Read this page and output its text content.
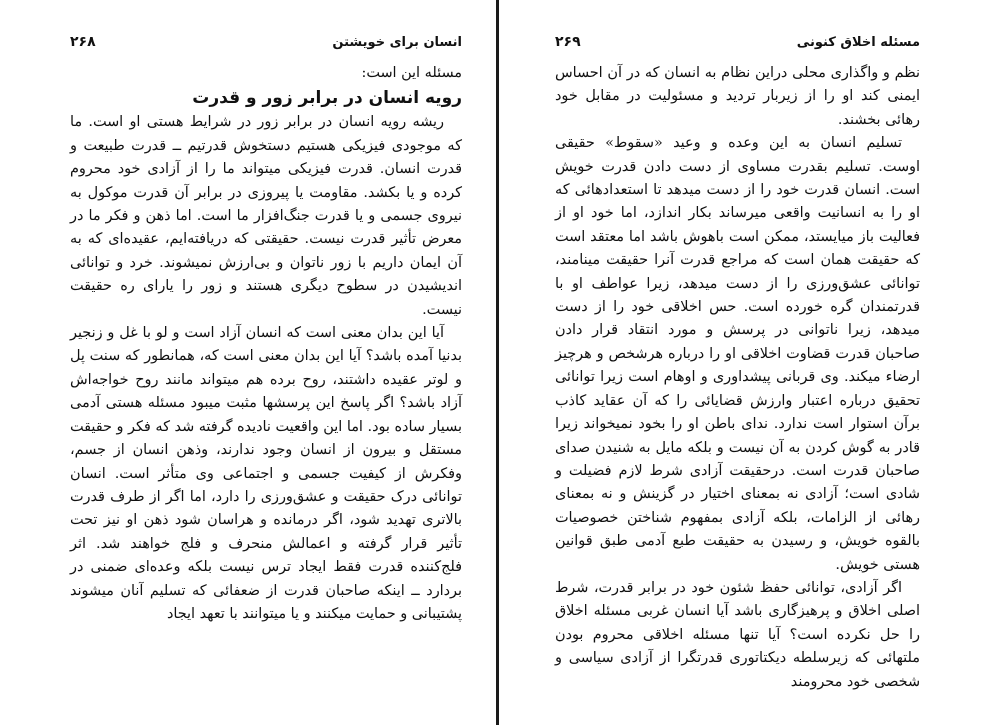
انسان برای خویشتن
۲۶۸

مسئله این است:

رویه انسان در برابر زور و قدرت

ریشه رویه انسان در برابر زور در شرایط هستی او است. ما که موجودی فیزیکی هستیم دستخوش قدرتیم ــ قدرت طبیعت و قدرت انسان. قدرت فیزیکی میتواند ما را از آزادی خود محروم کرده و یا بکشد. مقاومت یا پیروزی در برابر آن قدرت موکول به نیروی جسمی و یا قدرت جنگ‌افزار ما است. اما ذهن و فکر ما در معرض تأثیر قدرت نیست. حقیقتی که دریافته‌ایم، عقیده‌ای که به آن ایمان داریم با زور ناتوان و بی‌ارزش نمیشوند. خرد و توانائی اندیشیدن در سطوح دیگری هستند و زور را یارای ره حقیقت نیست.

آیا این بدان معنی است که انسان آزاد است و لو با غل و زنجیر بدنیا آمده باشد؟ آیا این بدان معنی است که، همانطور که سنت پل و لوتر عقیده داشتند، روح برده هم میتواند مانند روح خواجه‌اش آزاد باشد؟ اگر پاسخ این پرسشها مثبت میبود مسئله هستی آدمی بسیار ساده بود. اما این واقعیت نادیده گرفته شد که فکر و حقیقت مستقل و بیرون از انسان وجود ندارند، وذهن انسان از جسم، وفکرش از کیفیت جسمی و اجتماعی وی متأثر است. انسان توانائی درک حقیقت و عشق‌ورزی را دارد، اما اگر از طرف قدرت بالاتری تهدید شود، اگر درمانده و هراسان شود ذهن او نیز تحت تأثیر قرار گرفته و اعمالش منحرف و فلج خواهند شد. اثر فلج‌کننده قدرت فقط ایجاد ترس نیست بلکه وعده‌ای ضمنی در بردارد ــ اینکه صاحبان قدرت از ضعفائی که تسلیم آنان میشوند پشتیبانی و حمایت میکنند و یا میتوانند با تعهد ایجاد

مسئله اخلاق کنونی
۲۶۹

نظم و واگذاری محلی دراین نظام به انسان که در آن احساس ایمنی کند او را از زیربار تردید و مسئولیت در مقابل خود رهائی بخشند.

تسلیم انسان به این وعده و وعید «سقوط» حقیقی اوست. تسلیم بقدرت مساوی از دست دادن قدرت خویش است. انسان قدرت خود را از دست میدهد تا استعدادهائی که او را به انسانیت واقعی میرساند بکار اندازد، اما خود او از فعالیت باز میایستد، ممکن است باهوش باشد اما معتقد است که حقیقت همان است که مراجع قدرت آنرا حقیقت مینامند، توانائی عشق‌ورزی را از دست میدهد، زیرا عواطف او با قدرتمندان گره خورده است. حس اخلاقی خود را از دست میدهد، زیرا ناتوانی در پرسش و مورد انتقاد قرار دادن صاحبان قدرت قضاوت اخلاقی او را درباره هرشخص و هرچیز ارضاء میکند. وی قربانی پیشداوری و اوهام است زیرا توانائی تحقیق درباره اعتبار وارزش قضایائی را که آن عقاید کاذب برآن استوار است ندارد. ندای باطن او را بخود نمیخواند زیرا قادر به گوش کردن به آن نیست و بلکه مایل به شنیدن صدای صاحبان قدرت است. درحقیقت آزادی شرط لازم فضیلت و شادی است؛ آزادی نه بمعنای اختیار در گزینش و نه بمعنای رهائی از الزامات، بلکه آزادی بمفهوم شناختن خصوصیات بالقوه خویش، و رسیدن به حقیقت طبع آدمی طبق قوانین هستی خویش.

اگر آزادی، توانائی حفظ شئون خود در برابر قدرت، شرط اصلی اخلاق و پرهیزگاری باشد آیا انسان غربی مسئله اخلاق را حل نکرده است؟ آیا تنها مسئله اخلاقی محروم بودن ملتهائی که زیرسلطه دیکتاتوری قدرتگرا از آزادی سیاسی و شخصی خود محرومند
